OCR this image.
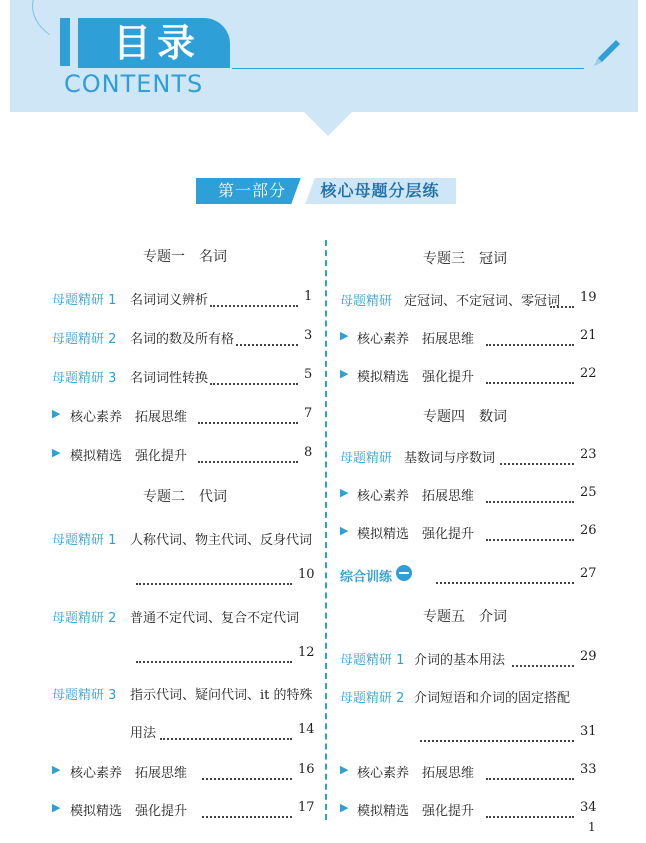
目录
CONTENTS
第一部分	核心母题分层练
专题一　名词
母题精研 1 名词词义辨析	1
母题精研 2 名词的数及所有格	3
母题精研 3 名词词性转换	5
▶ 核心素养　拓展思维	7
▶ 模拟精选　强化提升	8
专题二　代词
母题精研 1 人称代词、物主代词、反身代词
10
母题精研 2 普通不定代词、复合不定代词
12
母题精研 3 指示代词、疑问代词、it 的特殊
用法	14
▶ 核心素养　拓展思维	16
▶ 模拟精选　强化提升	17
专题三　冠词
母题精研 定冠词、不定冠词、零冠词 19
▶ 核心素养　拓展思维	21
▶ 模拟精选　强化提升	22
专题四　数词
母题精研 基数词与序数词	23
▶ 核心素养　拓展思维	25
▶ 模拟精选　强化提升	26
综合训练	27
专题五　介词
母题精研 1 介词的基本用法	29
母题精研 2 介词短语和介词的固定搭配
31
▶ 核心素养　拓展思维	33
▶ 模拟精选　强化提升	34
1
